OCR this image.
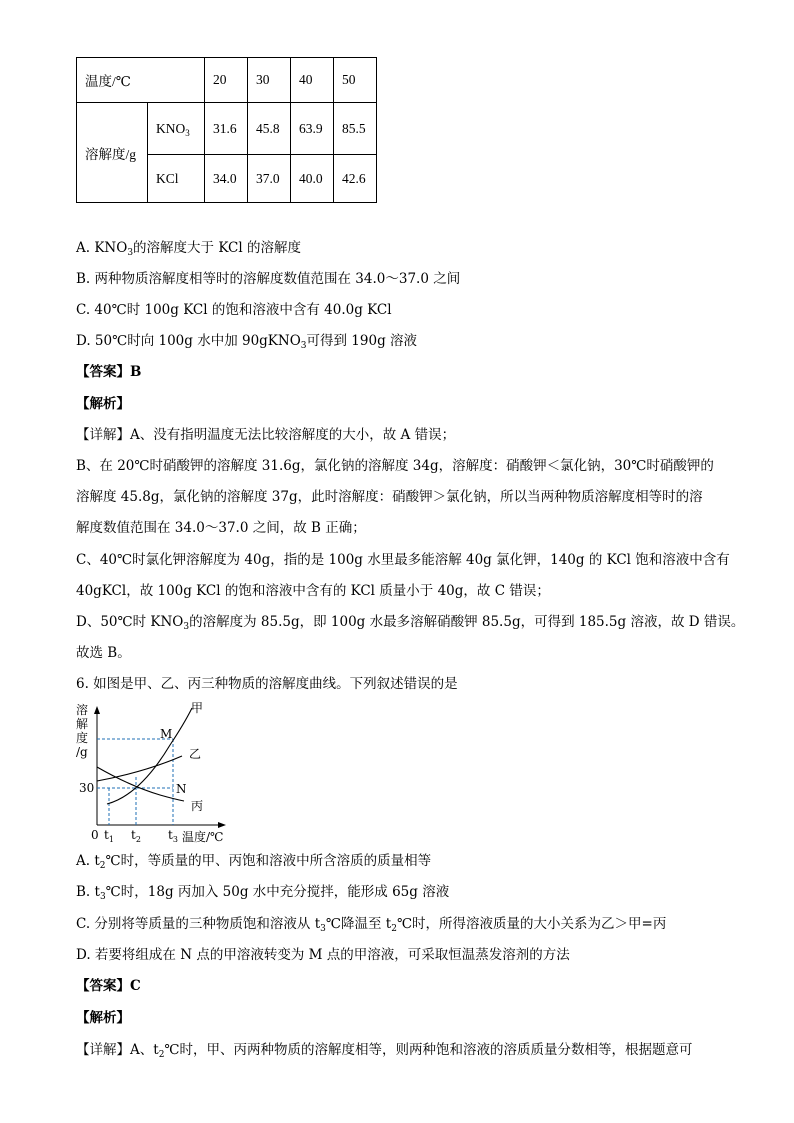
温度/℃		20	30	40	50
溶解度/g	$KNO_3$	31.6	45.8	63.9	85.5
	KCl	34.0	37.0	40.0	42.6
A. $KNO_3$的溶解度大于 KCl 的溶解度
B. 两种物质溶解度相等时的溶解度数值范围在 34.0～37.0 之间
C. 40℃时 100g KCl 的饱和溶液中含有 40.0g KCl
D. 50℃时向 100g 水中加 90gKNO$_3$可得到 190g 溶液
【答案】B
【解析】
【详解】A、没有指明温度无法比较溶解度的大小，故 A 错误；
B、在 20℃时硝酸钾的溶解度 31.6g，氯化钠的溶解度 34g，溶解度：硝酸钾＜氯化钠，30℃时硝酸钾的
溶解度 45.8g，氯化钠的溶解度 37g，此时溶解度：硝酸钾＞氯化钠，所以当两种物质溶解度相等时的溶
解度数值范围在 34.0～37.0 之间，故 B 正确；
C、40℃时氯化钾溶解度为 40g，指的是 100g 水里最多能溶解 40g 氯化钾，140g 的 KCl 饱和溶液中含有
40gKCl，故 100g KCl 的饱和溶液中含有的 KCl 质量小于 40g，故 C 错误；
D、50℃时 $KNO_3$的溶解度为 85.5g，即 100g 水最多溶解硝酸钾 85.5g，可得到 185.5g 溶液，故 D 错误。
故选 B。
6. 如图是甲、乙、丙三种物质的溶解度曲线。下列叙述错误的是
溶
解
度
/g
30
0 $t_1$ $t_2$ $t_3$ 温度/℃
甲
乙
丙
M
N
A. $t_2℃$时，等质量的甲、丙饱和溶液中所含溶质的质量相等
B. $t_3℃$时，18g 丙加入 50g 水中充分搅拌，能形成 65g 溶液
C. 分别将等质量的三种物质饱和溶液从 $t_3℃$降温至 $t_2℃$时，所得溶液质量的大小关系为乙＞甲=丙
D. 若要将组成在 N 点的甲溶液转变为 M 点的甲溶液，可采取恒温蒸发溶剂的方法
【答案】C
【解析】
【详解】A、$t_2℃$时，甲、丙两种物质的溶解度相等，则两种饱和溶液的溶质质量分数相等，根据题意可
